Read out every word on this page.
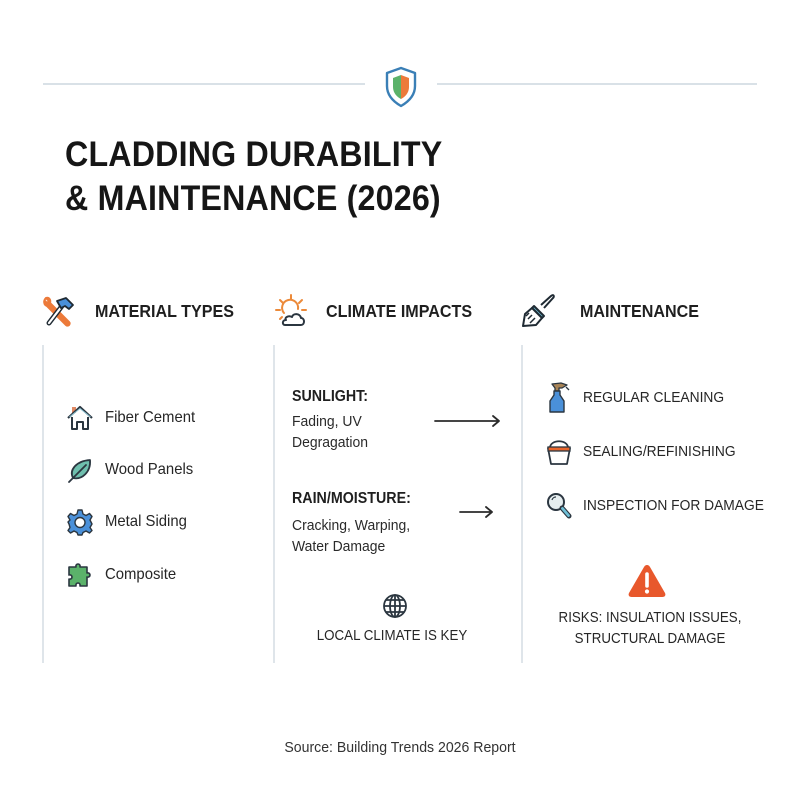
CLADDING DURABILITY
& MAINTENANCE (2026)
MATERIAL TYPES	CLIMATE IMPACTS	MAINTENANCE
Fiber Cement
Wood Panels
Metal Siding
Composite
SUNLIGHT:
Fading, UV
Degragation
RAIN/MOISTURE:
Cracking, Warping,
Water Damage
LOCAL CLIMATE IS KEY
REGULAR CLEANING
SEALING/REFINISHING
INSPECTION FOR DAMAGE
RISKS: INSULATION ISSUES,
STRUCTURAL DAMAGE
Source: Building Trends 2026 Report
